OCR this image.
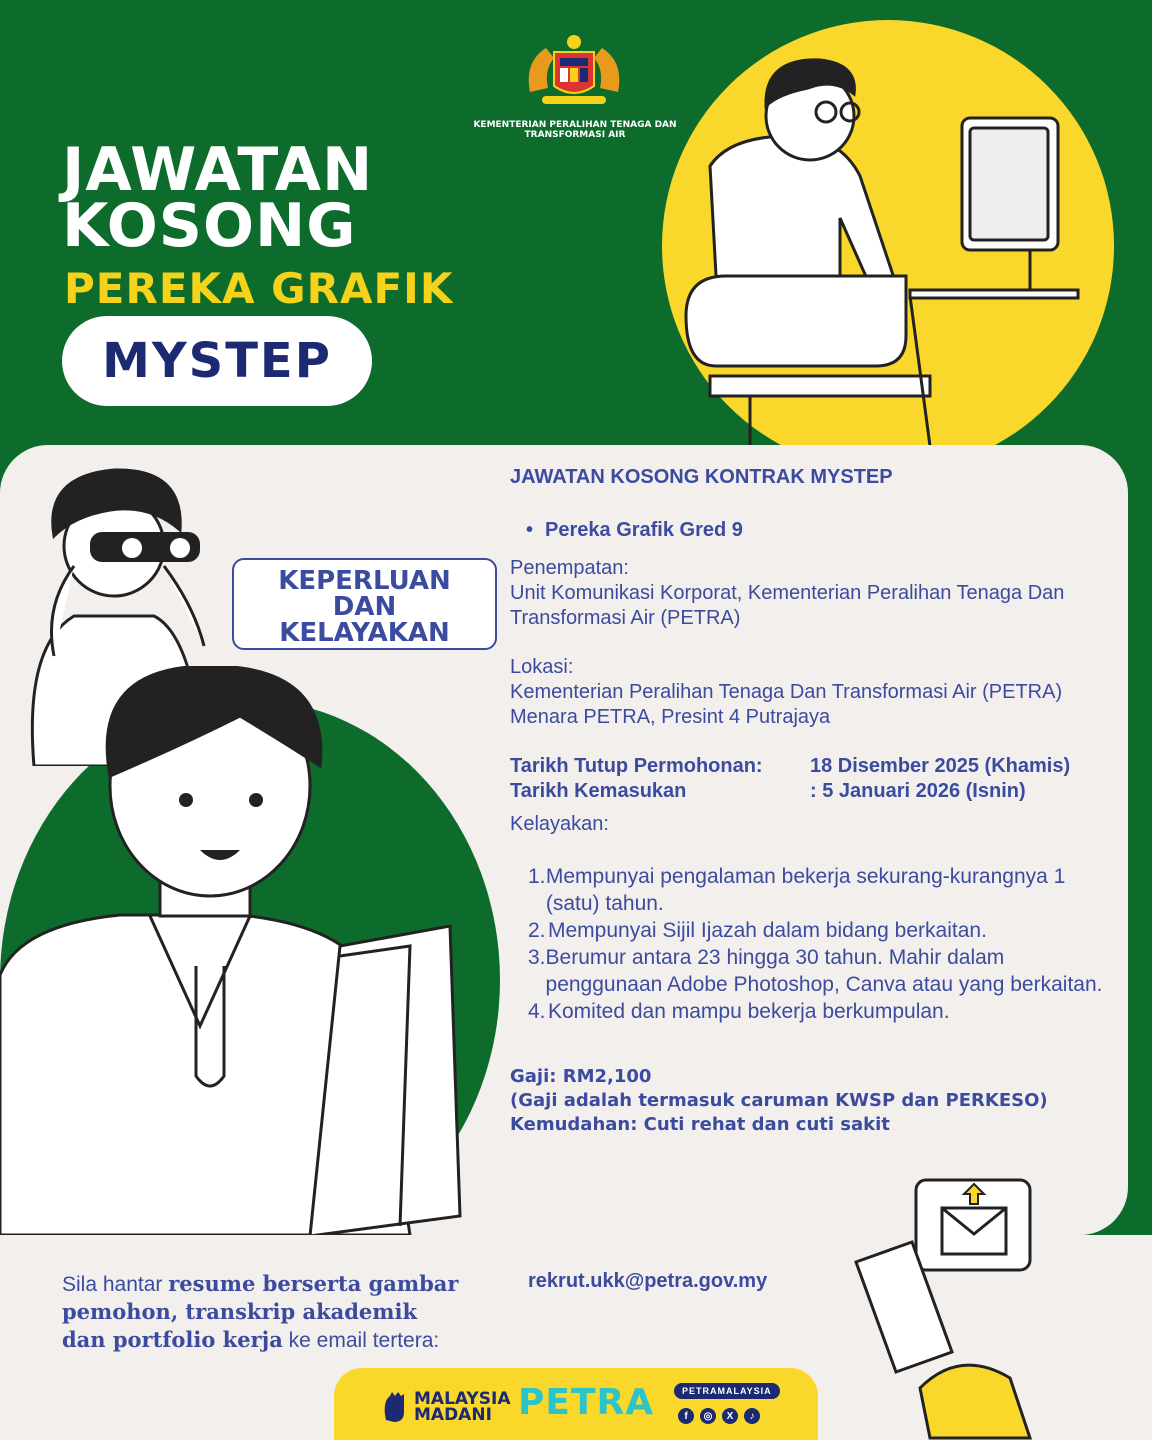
KEMENTERIAN PERALIHAN TENAGA DAN TRANSFORMASI AIR
JAWATAN
KOSONG
PEREKA GRAFIK
MYSTEP
KEPERLUAN
DAN
KELAYAKAN
JAWATAN KOSONG KONTRAK MYSTEP
• Pereka Grafik Gred 9
Penempatan:
Unit Komunikasi Korporat, Kementerian Peralihan Tenaga Dan Transformasi Air (PETRA)
Lokasi:
Kementerian Peralihan Tenaga Dan Transformasi Air (PETRA) Menara PETRA, Presint 4 Putrajaya
Tarikh Tutup Permohonan:	18 Disember 2025 (Khamis)
Tarikh Kemasukan	: 5 Januari 2026 (Isnin)
Kelayakan:
1. Mempunyai pengalaman bekerja sekurang-kurangnya 1 (satu) tahun.
2. Mempunyai Sijil Ijazah dalam bidang berkaitan.
3. Berumur antara 23 hingga 30 tahun. Mahir dalam penggunaan Adobe Photoshop, Canva atau yang berkaitan.
4. Komited dan mampu bekerja berkumpulan.
Gaji: RM2,100
(Gaji adalah termasuk caruman KWSP dan PERKESO)
Kemudahan: Cuti rehat dan cuti sakit
Sila hantar resume berserta gambar pemohon, transkrip akademik dan portfolio kerja ke email tertera:
rekrut.ukk@petra.gov.my
MALAYSIA
MADANI PETRA	PETRAMALAYSIA
f	◎	X	♪
